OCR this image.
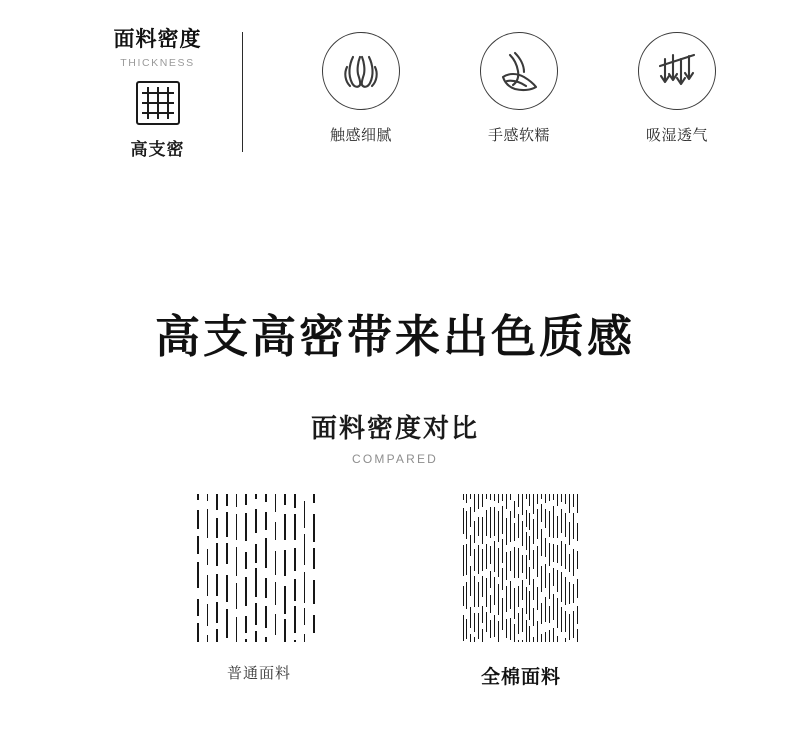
面料密度
THICKNESS
高支密
触感细腻	手感软糯	吸湿透气
高支高密带来出色质感
面料密度对比
COMPARED
普通面料	全棉面料
